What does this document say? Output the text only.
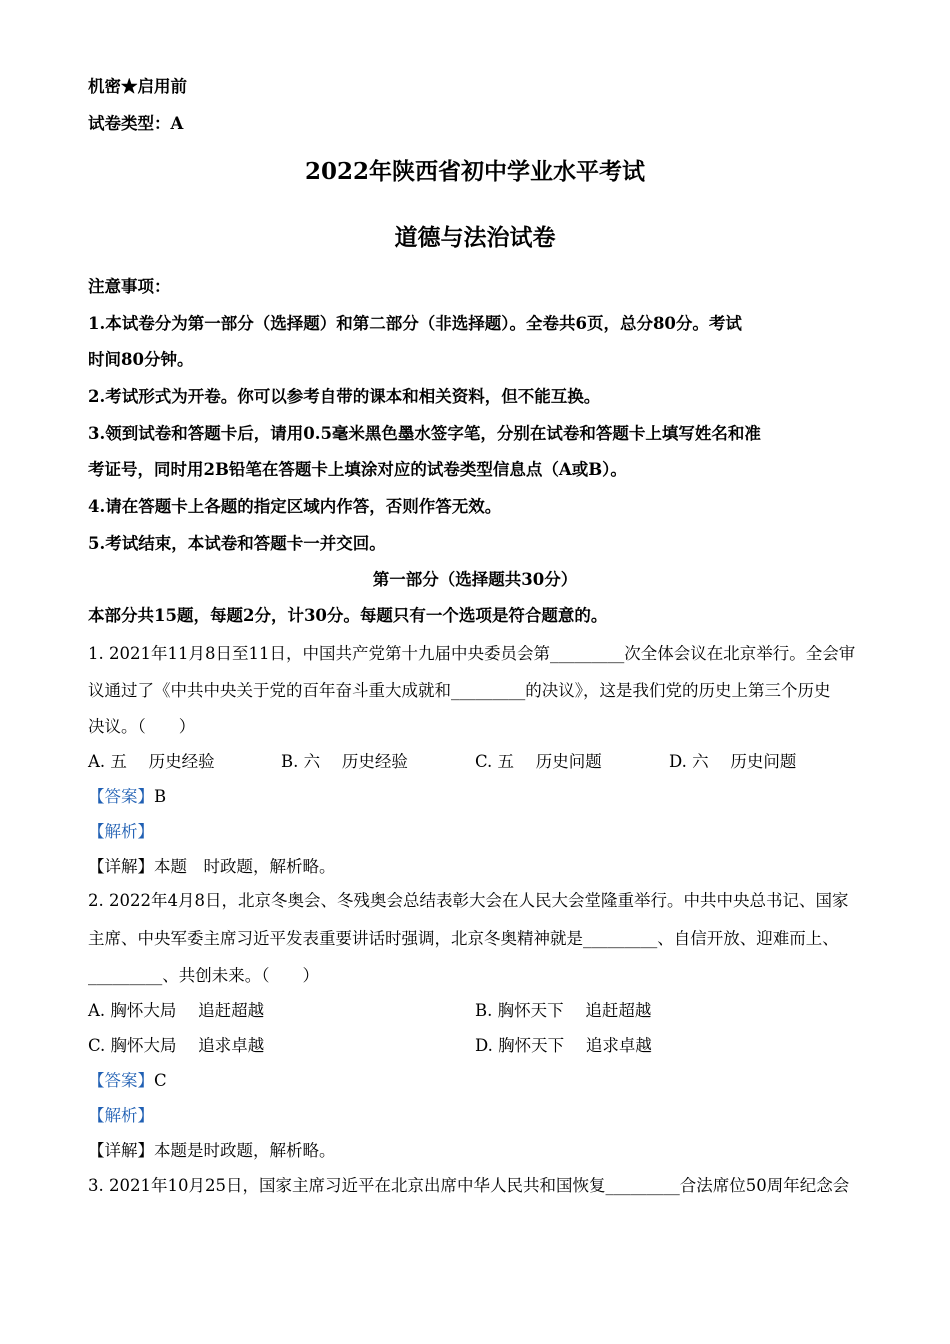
机密★启用前
试卷类型：A
2022年陕西省初中学业水平考试
道德与法治试卷
注意事项：
1.本试卷分为第一部分（选择题）和第二部分（非选择题）。全卷共6页，总分80分。考试
时间80分钟。
2.考试形式为开卷。你可以参考自带的课本和相关资料，但不能互换。
3.领到试卷和答题卡后，请用0.5毫米黑色墨水签字笔，分别在试卷和答题卡上填写姓名和准
考证号，同时用2B铅笔在答题卡上填涂对应的试卷类型信息点（A或B）。
4.请在答题卡上各题的指定区域内作答，否则作答无效。
5.考试结束，本试卷和答题卡一并交回。
第一部分（选择题共30分）
本部分共15题，每题2分，计30分。每题只有一个选项是符合题意的。
1. 2021年11月8日至11日，中国共产党第十九届中央委员会第_________次全体会议在北京举行。全会审
议通过了《中共中央关于党的百年奋斗重大成就和_________的决议》，这是我们党的历史上第三个历史
决议。（　　）
A. 五　 历史经验	B. 六　 历史经验	C. 五　 历史问题	D. 六　 历史问题
【答案】B
【解析】
【详解】本题　时政题，解析略。
2. 2022年4月8日，北京冬奥会、冬残奥会总结表彰大会在人民大会堂隆重举行。中共中央总书记、国家
主席、中央军委主席习近平发表重要讲话时强调，北京冬奥精神就是_________、自信开放、迎难而上、
_________、共创未来。（　　）
A. 胸怀大局　 追赶超越	B. 胸怀天下　 追赶超越
C. 胸怀大局　 追求卓越	D. 胸怀天下　 追求卓越
【答案】C
【解析】
【详解】本题是时政题，解析略。
3. 2021年10月25日，国家主席习近平在北京出席中华人民共和国恢复_________合法席位50周年纪念会
